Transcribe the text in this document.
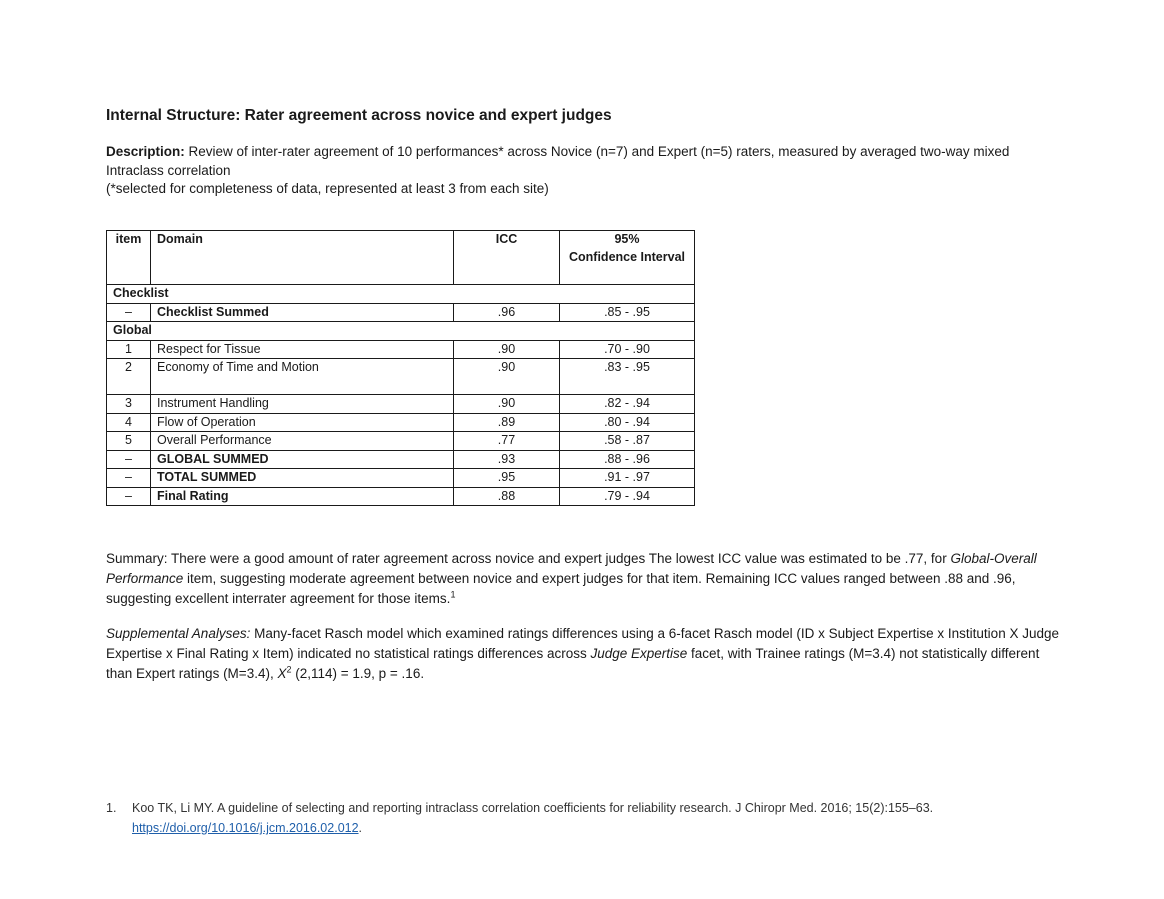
Internal Structure: Rater agreement across novice and expert judges

Description: Review of inter-rater agreement of 10 performances* across Novice (n=7) and Expert (n=5) raters, measured by averaged two-way mixed Intraclass correlation
(*selected for completeness of data, represented at least 3 from each site)

item	Domain	ICC	95%
Confidence Interval

Checklist			
–	Checklist Summed	.96	.85 - .95
Global			
1	Respect for Tissue	.90	.70 - .90
2	Economy of Time and Motion	.90	.83 - .95
3	Instrument Handling	.90	.82 - .94
4	Flow of Operation	.89	.80 - .94
5	Overall Performance	.77	.58 - .87
–	GLOBAL SUMMED	.93	.88 - .96
–	TOTAL SUMMED	.95	.91 - .97
–	Final Rating	.88	.79 - .94

Summary: There were a good amount of rater agreement across novice and expert judges The lowest ICC value was estimated to be .77, for Global-Overall Performance item, suggesting moderate agreement between novice and expert judges for that item. Remaining ICC values ranged between .88 and .96, suggesting excellent interrater agreement for those items.$^1$

Supplemental Analyses: Many-facet Rasch model which examined ratings differences using a 6-facet Rasch model (ID x Subject Expertise x Institution X Judge Expertise x Final Rating x Item) indicated no statistical ratings differences across Judge Expertise facet, with Trainee ratings (M=3.4) not statistically different than Expert ratings (M=3.4), $X^2$ (2,114) = 1.9, p = .16.

1. Koo TK, Li MY. A guideline of selecting and reporting intraclass correlation coefficients for reliability research. J Chiropr Med. 2016; 15(2):155–63. https://doi.org/10.1016/j.jcm.2016.02.012.
